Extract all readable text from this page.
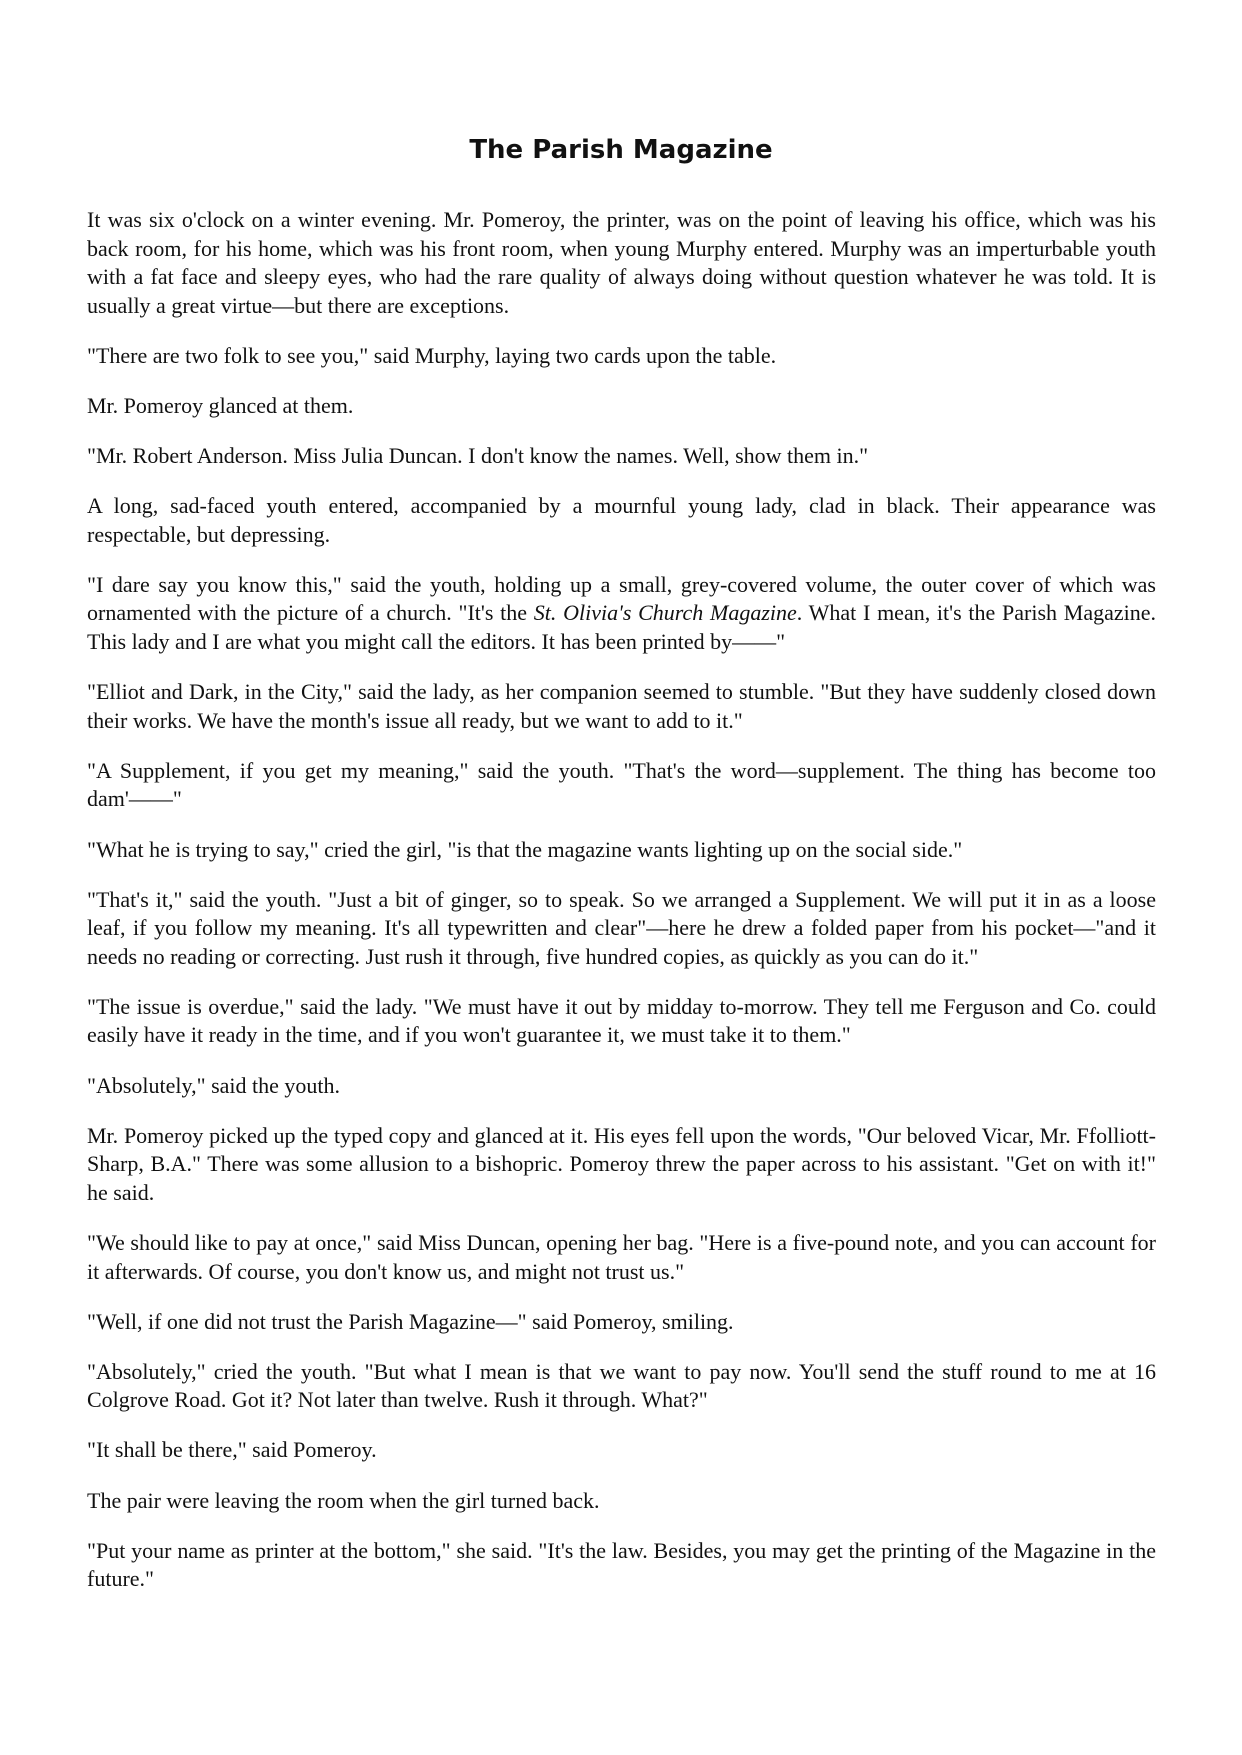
The Parish Magazine

It was six o'clock on a winter evening. Mr. Pomeroy, the printer, was on the point of leaving his office, which was his back room, for his home, which was his front room, when young Murphy entered. Murphy was an imperturbable youth with a fat face and sleepy eyes, who had the rare quality of always doing without question whatever he was told. It is usually a great virtue—but there are exceptions.

"There are two folk to see you," said Murphy, laying two cards upon the table.

Mr. Pomeroy glanced at them.

"Mr. Robert Anderson. Miss Julia Duncan. I don't know the names. Well, show them in."

A long, sad-faced youth entered, accompanied by a mournful young lady, clad in black. Their appearance was respectable, but depressing.

"I dare say you know this," said the youth, holding up a small, grey-covered volume, the outer cover of which was ornamented with the picture of a church. "It's the St. Olivia's Church Magazine. What I mean, it's the Parish Magazine. This lady and I are what you might call the editors. It has been printed by——"

"Elliot and Dark, in the City," said the lady, as her companion seemed to stumble. "But they have suddenly closed down their works. We have the month's issue all ready, but we want to add to it."

"A Supplement, if you get my meaning," said the youth. "That's the word—supplement. The thing has become too dam'——"

"What he is trying to say," cried the girl, "is that the magazine wants lighting up on the social side."

"That's it," said the youth. "Just a bit of ginger, so to speak. So we arranged a Supplement. We will put it in as a loose leaf, if you follow my meaning. It's all typewritten and clear"—here he drew a folded paper from his pocket—"and it needs no reading or correcting. Just rush it through, five hundred copies, as quickly as you can do it."

"The issue is overdue," said the lady. "We must have it out by midday to-morrow. They tell me Ferguson and Co. could easily have it ready in the time, and if you won't guarantee it, we must take it to them."

"Absolutely," said the youth.

Mr. Pomeroy picked up the typed copy and glanced at it. His eyes fell upon the words, "Our beloved Vicar, Mr. Ffolliott-Sharp, B.A." There was some allusion to a bishopric. Pomeroy threw the paper across to his assistant. "Get on with it!" he said.

"We should like to pay at once," said Miss Duncan, opening her bag. "Here is a five-pound note, and you can account for it afterwards. Of course, you don't know us, and might not trust us."

"Well, if one did not trust the Parish Magazine—" said Pomeroy, smiling.

"Absolutely," cried the youth. "But what I mean is that we want to pay now. You'll send the stuff round to me at 16 Colgrove Road. Got it? Not later than twelve. Rush it through. What?"

"It shall be there," said Pomeroy.

The pair were leaving the room when the girl turned back.

"Put your name as printer at the bottom," she said. "It's the law. Besides, you may get the printing of the Magazine in the future."
